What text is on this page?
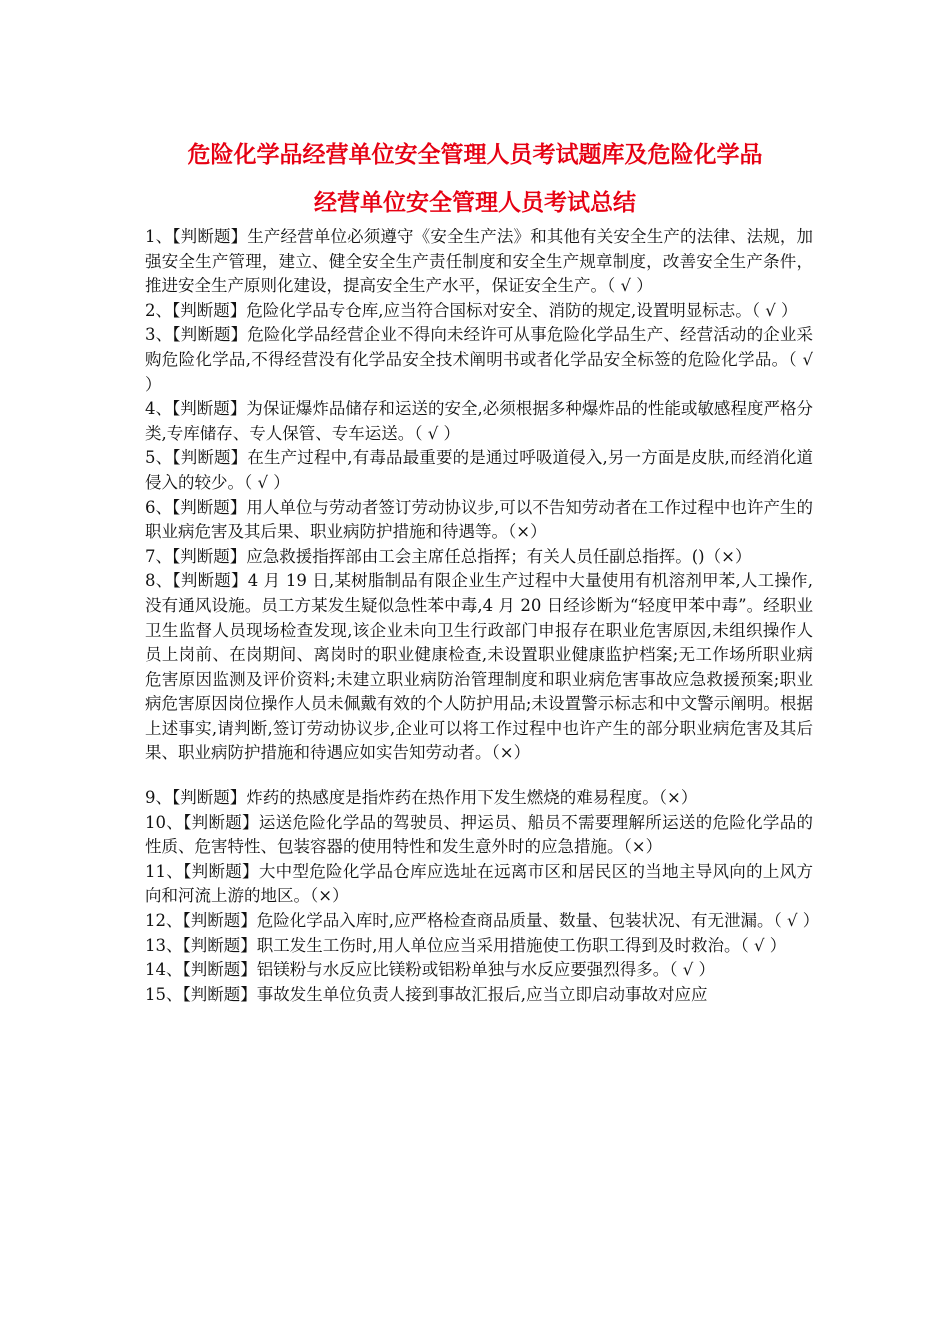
危险化学品经营单位安全管理人员考试题库及危险化学品
经营单位安全管理人员考试总结

1、【判断题】生产经营单位必须遵守《安全生产法》和其他有关安全生产的法律、法规，加强安全生产管理，建立、健全安全生产责任制度和安全生产规章制度，改善安全生产条件，推进安全生产原则化建设，提高安全生产水平，保证安全生产。（ √ ）

2、【判断题】危险化学品专仓库,应当符合国标对安全、消防的规定,设置明显标志。（ √ ）

3、【判断题】危险化学品经营企业不得向未经许可从事危险化学品生产、经营活动的企业采购危险化学品,不得经营没有化学品安全技术阐明书或者化学品安全标签的危险化学品。（ √ ）

4、【判断题】为保证爆炸品储存和运送的安全,必须根据多种爆炸品的性能或敏感程度严格分类,专库储存、专人保管、专车运送。（ √ ）

5、【判断题】在生产过程中,有毒品最重要的是通过呼吸道侵入,另一方面是皮肤,而经消化道侵入的较少。（ √ ）

6、【判断题】用人单位与劳动者签订劳动协议步,可以不告知劳动者在工作过程中也许产生的职业病危害及其后果、职业病防护措施和待遇等。（×）

7、【判断题】应急救援指挥部由工会主席任总指挥；有关人员任副总指挥。()（×）

8、【判断题】4 月 19 日,某树脂制品有限企业生产过程中大量使用有机溶剂甲苯,人工操作,没有通风设施。员工方某发生疑似急性苯中毒,4 月 20 日经诊断为“轻度甲苯中毒”。经职业卫生监督人员现场检查发现,该企业未向卫生行政部门申报存在职业危害原因,未组织操作人员上岗前、在岗期间、离岗时的职业健康检查,未设置职业健康监护档案;无工作场所职业病危害原因监测及评价资料;未建立职业病防治管理制度和职业病危害事故应急救援预案;职业病危害原因岗位操作人员未佩戴有效的个人防护用品;未设置警示标志和中文警示阐明。根据上述事实,请判断,签订劳动协议步,企业可以将工作过程中也许产生的部分职业病危害及其后果、职业病防护措施和待遇应如实告知劳动者。（×）

9、【判断题】炸药的热感度是指炸药在热作用下发生燃烧的难易程度。（×）

10、【判断题】运送危险化学品的驾驶员、押运员、船员不需要理解所运送的危险化学品的性质、危害特性、包装容器的使用特性和发生意外时的应急措施。（×）

11、【判断题】大中型危险化学品仓库应选址在远离市区和居民区的当地主导风向的上风方向和河流上游的地区。（×）

12、【判断题】危险化学品入库时,应严格检查商品质量、数量、包装状况、有无泄漏。（ √ ）

13、【判断题】职工发生工伤时,用人单位应当采用措施使工伤职工得到及时救治。（ √ ）

14、【判断题】铝镁粉与水反应比镁粉或铝粉单独与水反应要强烈得多。（ √ ）

15、【判断题】事故发生单位负责人接到事故汇报后,应当立即启动事故对应应
